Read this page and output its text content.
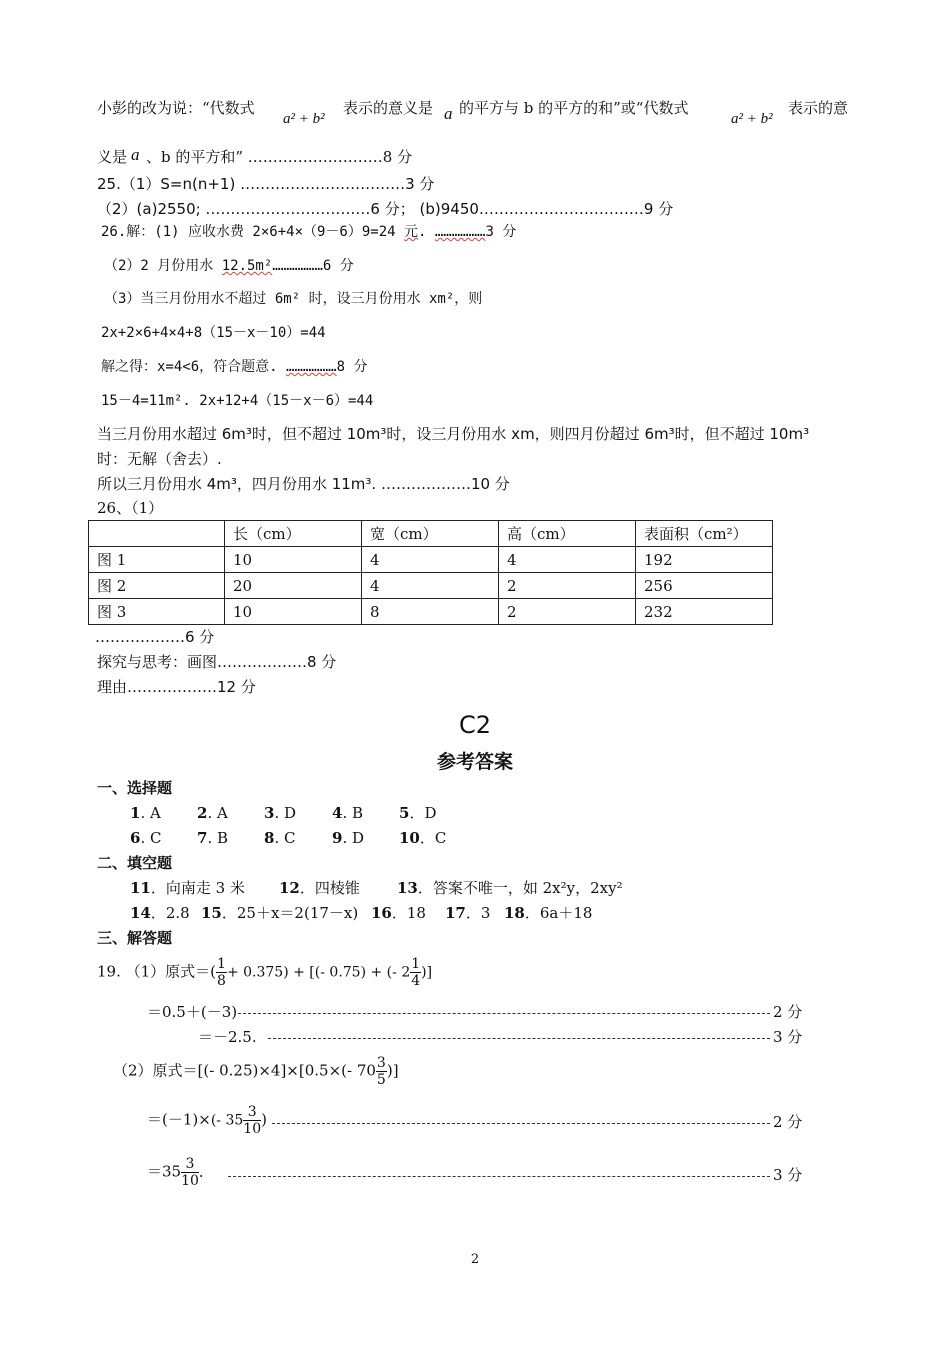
小彭的改为说：“代数式
a² + b²
表示的意义是 a 的平方与 b 的平方的和”或“代数式
a² + b²
表示的意
义是 a 、b 的平方和” ………………………8 分
25.（1）S=n(n+1) ……………………………3 分
（2）(a)2550; ……………………………6 分； (b)9450……………………………9 分
26.解：(1) 应收水费 2×6+4×（9－6）9=24 元. ………………3 分
（2）2 月份用水 12.5m²………………6 分
（3）当三月份用水不超过 6m² 时，设三月份用水 xm²，则
2x+2×6+4×4+8（15－x－10）=44
解之得：x=4<6，符合题意. ………………8 分
15－4=11m². 2x+12+4（15－x－6）=44
当三月份用水超过 6m³时，但不超过 10m³时，设三月份用水 xm，则四月份超过 6m³时，但不超过 10m³
时：无解（舍去）.
所以三月份用水 4m³，四月份用水 11m³. ………………10 分
26、（1）
	长（cm）	宽（cm）	高（cm）	表面积（cm²）
图 1	10	4	4	192
图 2	20	4	2	256
图 3	10	8	2	232
………………6 分
探究与思考：画图………………8 分
理由………………12 分
C2
参考答案
一、选择题
1. A 2. A 3. D 4. B 5．D
6. C 7. B 8. C 9. D 10．C
二、填空题
11．向南走 3 米 12．四棱锥 13．答案不唯一，如 2x²y，2xy²
14．2.8 15．25＋x＝2(17－x) 16．18 17．3 18．6a＋18
三、解答题
19. （1）原式＝( $\frac{1}{8} + 0.375$) + [(- 0.75) + (- $2 \frac{1}{4}$ )]
＝0.5＋(－3)	2 分
＝－2.5.	3 分
（2）原式＝[(- 0.25)×4]×[0.5×(- $70 \frac{3}{5}$ )]
＝(－1)×(- $35 \frac{3}{10}$ )	2 分
$=35 \frac{3}{10}$ ．	3 分
2
